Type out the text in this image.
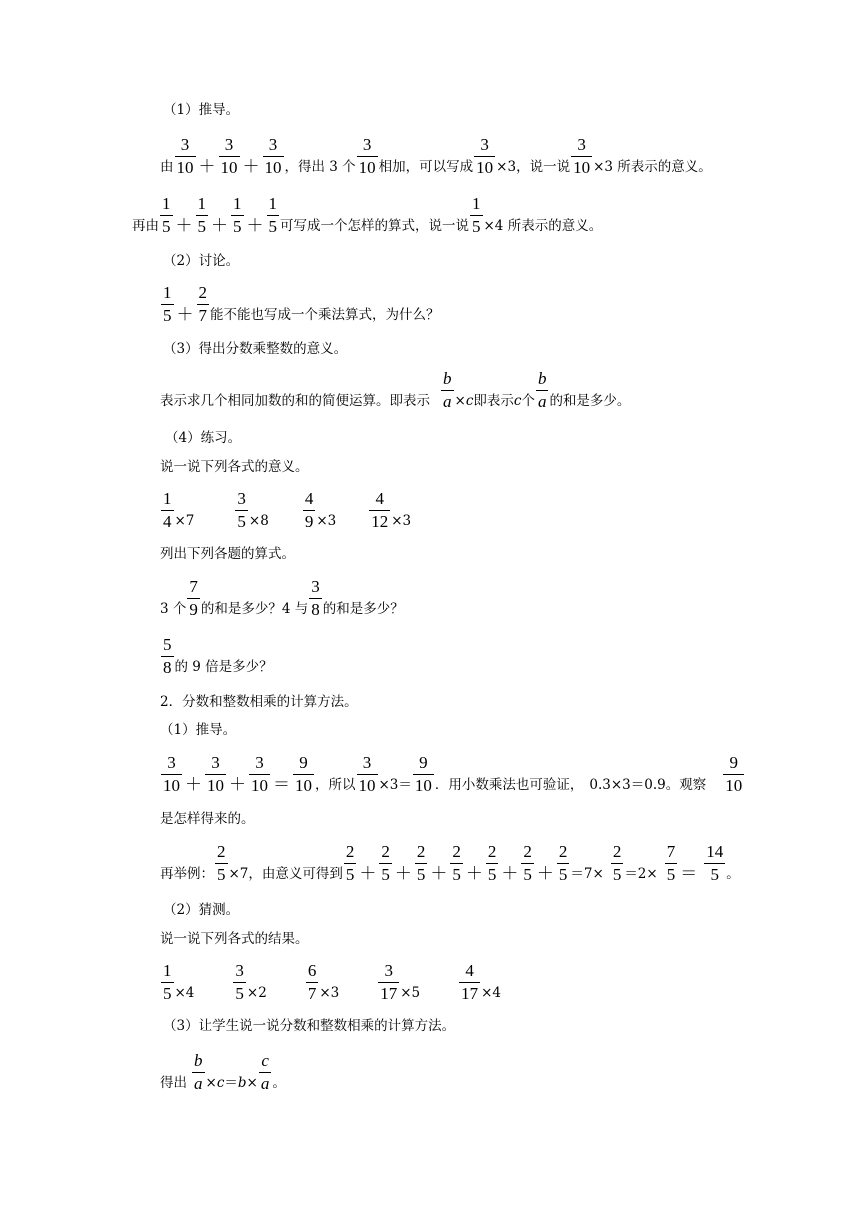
（1）推导。
由 $\frac{3}{10} + \frac{3}{10} + \frac{3}{10}$ ，得出 3 个 $\frac{3}{10}$ 相加，可以写成 $\frac{3}{10} \times 3$，说一说 $\frac{3}{10} \times 3$ 所表示的意义。
再由 $\frac{1}{5} + \frac{1}{5} + \frac{1}{5} + \frac{1}{5}$ 可写成一个怎样的算式，说一说 $\frac{1}{5} \times 4$ 所表示的意义。
（2）讨论。
$\frac{1}{5} + \frac{2}{7}$ 能不能也写成一个乘法算式，为什么？
（3）得出分数乘整数的意义。
表示求几个相同加数的和的简便运算。即表示 $\frac{b}{a} \times c$ 即表示 c 个 $\frac{b}{a}$ 的和是多少。
（4）练习。
说一说下列各式的意义。
$\frac{1}{4} \times 7 \frac{3}{5} \times 8 \frac{4}{9} \times 3 \frac{4}{12} \times 3$
列出下列各题的算式。
3 个 $\frac{7}{9}$ 的和是多少？4 与 $\frac{3}{8}$ 的和是多少？
$\frac{5}{8}$ 的 9 倍是多少？
2．分数和整数相乘的计算方法。
（1）推导。
$\frac{3}{10} + \frac{3}{10} + \frac{3}{10} = \frac{9}{10}$ ，所以 $\frac{3}{10} \times 3= \frac{9}{10}$ ．用小数乘法也可验证， 0.3×3＝0.9。观察 $\frac{9}{10}$
是怎样得来的。
再举例： $\frac{2}{5} \times 7$，由意义可得到 $\frac{2}{5} + \frac{2}{5} + \frac{2}{5} + \frac{2}{5} + \frac{2}{5} + \frac{2}{5} + \frac{2}{5} =7\times \frac{2}{5} =2\times \frac{7}{5} = \frac{14}{5}$ 。
（2）猜测。
说一说下列各式的结果。
$\frac{1}{5} \times 4 \frac{3}{5} \times 2 \frac{6}{7} \times 3 \frac{3}{17} \times 5 \frac{4}{17} \times 4$
（3）让学生说一说分数和整数相乘的计算方法。
得出 $\frac{b}{a} \times c = b \times \frac{c}{a}$ 。
